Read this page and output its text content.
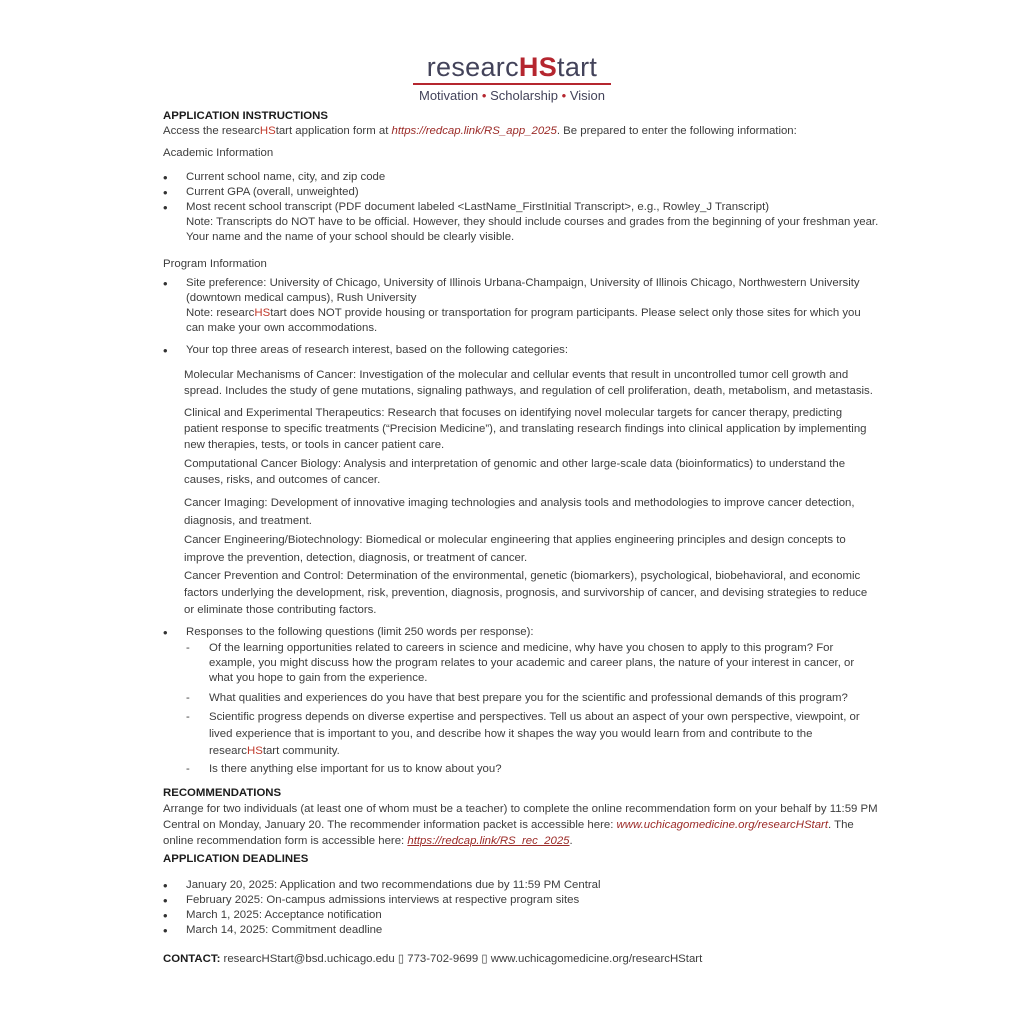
researcHStart
Motivation • Scholarship • Vision
APPLICATION INSTRUCTIONS
Access the researcHStart application form at https://redcap.link/RS_app_2025. Be prepared to enter the following information:
Academic Information
• Current school name, city, and zip code
• Current GPA (overall, unweighted)
• Most recent school transcript (PDF document labeled <LastName_FirstInitial Transcript>, e.g., Rowley_J Transcript)
Note: Transcripts do NOT have to be official. However, they should include courses and grades from the beginning of your freshman year. Your name and the name of your school should be clearly visible.
Program Information
• Site preference: University of Chicago, University of Illinois Urbana-Champaign, University of Illinois Chicago, Northwestern University (downtown medical campus), Rush University
Note: researcHStart does NOT provide housing or transportation for program participants. Please select only those sites for which you can make your own accommodations.
• Your top three areas of research interest, based on the following categories:
Molecular Mechanisms of Cancer: Investigation of the molecular and cellular events that result in uncontrolled tumor cell growth and spread. Includes the study of gene mutations, signaling pathways, and regulation of cell proliferation, death, metabolism, and metastasis.
Clinical and Experimental Therapeutics: Research that focuses on identifying novel molecular targets for cancer therapy, predicting patient response to specific treatments (“Precision Medicine”), and translating research findings into clinical application by implementing new therapies, tests, or tools in cancer patient care.
Computational Cancer Biology: Analysis and interpretation of genomic and other large-scale data (bioinformatics) to understand the causes, risks, and outcomes of cancer.
Cancer Imaging: Development of innovative imaging technologies and analysis tools and methodologies to improve cancer detection, diagnosis, and treatment.
Cancer Engineering/Biotechnology: Biomedical or molecular engineering that applies engineering principles and design concepts to improve the prevention, detection, diagnosis, or treatment of cancer.
Cancer Prevention and Control: Determination of the environmental, genetic (biomarkers), psychological, biobehavioral, and economic factors underlying the development, risk, prevention, diagnosis, prognosis, and survivorship of cancer, and devising strategies to reduce or eliminate those contributing factors.
• Responses to the following questions (limit 250 words per response):
- Of the learning opportunities related to careers in science and medicine, why have you chosen to apply to this program? For example, you might discuss how the program relates to your academic and career plans, the nature of your interest in cancer, or what you hope to gain from the experience.
- What qualities and experiences do you have that best prepare you for the scientific and professional demands of this program?
- Scientific progress depends on diverse expertise and perspectives. Tell us about an aspect of your own perspective, viewpoint, or lived experience that is important to you, and describe how it shapes the way you would learn from and contribute to the researcHStart community.
- Is there anything else important for us to know about you?
RECOMMENDATIONS
Arrange for two individuals (at least one of whom must be a teacher) to complete the online recommendation form on your behalf by 11:59 PM Central on Monday, January 20. The recommender information packet is accessible here: www.uchicagomedicine.org/researcHStart. The online recommendation form is accessible here: https://redcap.link/RS_rec_2025.
APPLICATION DEADLINES
• January 20, 2025: Application and two recommendations due by 11:59 PM Central
• February 2025: On-campus admissions interviews at respective program sites
• March 1, 2025: Acceptance notification
• March 14, 2025: Commitment deadline
CONTACT: researcHStart@bsd.uchicago.edu ▯ 773-702-9699 ▯ www.uchicagomedicine.org/researcHStart
